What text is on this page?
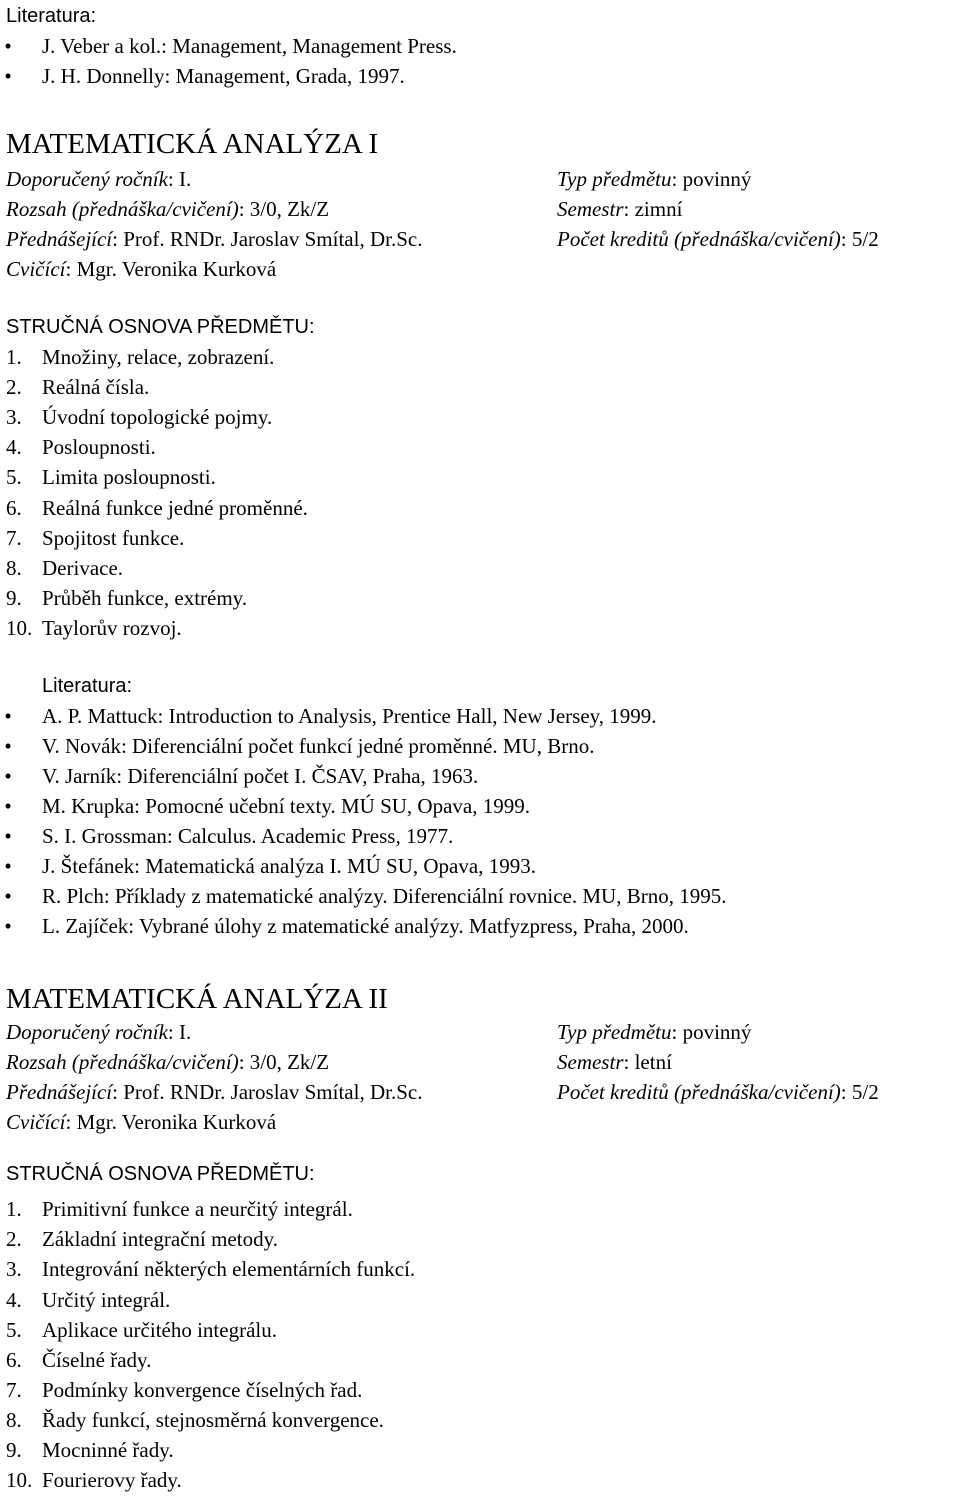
Literatura:
• J. Veber a kol.: Management, Management Press.
• J. H. Donnelly: Management, Grada, 1997.
MATEMATICKÁ ANALÝZA I
Doporučený ročník: I.
Rozsah (přednáška/cvičení): 3/0, Zk/Z
Přednášející: Prof. RNDr. Jaroslav Smítal, Dr.Sc.
Cvičící: Mgr. Veronika Kurková
Typ předmětu: povinný
Semestr: zimní
Počet kreditů (přednáška/cvičení): 5/2
STRUČNÁ OSNOVA PŘEDMĚTU:
1. Množiny, relace, zobrazení.
2. Reálná čísla.
3. Úvodní topologické pojmy.
4. Posloupnosti.
5. Limita posloupnosti.
6. Reálná funkce jedné proměnné.
7. Spojitost funkce.
8. Derivace.
9. Průběh funkce, extrémy.
10. Taylorův rozvoj.
Literatura:
• A. P. Mattuck: Introduction to Analysis, Prentice Hall, New Jersey, 1999.
• V. Novák: Diferenciální počet funkcí jedné proměnné. MU, Brno.
• V. Jarník: Diferenciální počet I. ČSAV, Praha, 1963.
• M. Krupka: Pomocné učební texty. MÚ SU, Opava, 1999.
• S. I. Grossman: Calculus. Academic Press, 1977.
• J. Štefánek: Matematická analýza I. MÚ SU, Opava, 1993.
• R. Plch: Příklady z matematické analýzy. Diferenciální rovnice. MU, Brno, 1995.
• L. Zajíček: Vybrané úlohy z matematické analýzy. Matfyzpress, Praha, 2000.
MATEMATICKÁ ANALÝZA II
Doporučený ročník: I.
Rozsah (přednáška/cvičení): 3/0, Zk/Z
Přednášející: Prof. RNDr. Jaroslav Smítal, Dr.Sc.
Cvičící: Mgr. Veronika Kurková
Typ předmětu: povinný
Semestr: letní
Počet kreditů (přednáška/cvičení): 5/2
STRUČNÁ OSNOVA PŘEDMĚTU:
1. Primitivní funkce a neurčitý integrál.
2. Základní integrační metody.
3. Integrování některých elementárních funkcí.
4. Určitý integrál.
5. Aplikace určitého integrálu.
6. Číselné řady.
7. Podmínky konvergence číselných řad.
8. Řady funkcí, stejnosměrná konvergence.
9. Mocninné řady.
10. Fourierovy řady.
